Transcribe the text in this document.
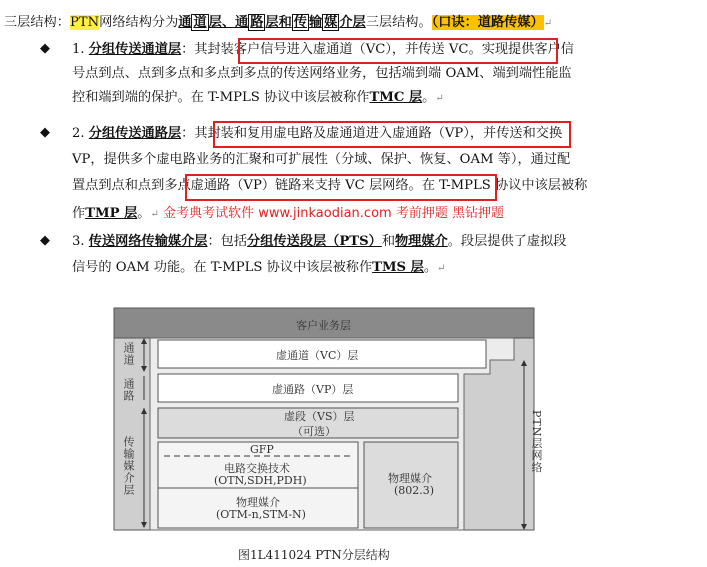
三层结构：PTN网络结构分为通 道 层、通 路 层和 传 输 媒 介层三层结构。（口诀：道路传媒）↵
◆ 1. 分组传送通道层：其封装客户信号进入虚通道（VC），并传送 VC。实现提供客户信
号点到点、点到多点和多点到多点的传送网络业务，包括端到端 OAM、端到端性能监
控和端到端的保护。在 T-MPLS 协议中该层被称作TMC 层。↵
◆ 2. 分组传送通路层：其封装和复用虚电路及虚通道进入虚通路（VP），并传送和交换
VP，提供多个虚电路业务的汇聚和可扩展性（分域、保护、恢复、OAM 等），通过配
置点到点和点到多点虚通路（VP）链路来支持 VC 层网络。在 T-MPLS 协议中该层被称
作TMP 层。↵ 金考典考试软件 www.jinkaodian.com 考前押题 黑钻押题
◆ 3. 传送网络传输媒介层：包括分组传送段层（PTS）和物理媒介。段层提供了虚拟段
信号的 OAM 功能。在 T-MPLS 协议中该层被称作TMS 层。↵
客户业务层
虚通道（VC）层
虚通路（VP）层
虚段（VS）层
（可选）
GFP
电路交换技术
(OTN,SDH,PDH)
物理媒介
(OTM-n,STM-N)
物理媒介
(802.3)
通道
通路
传输媒介层	PTN层网络
图1L411024 PTN分层结构
